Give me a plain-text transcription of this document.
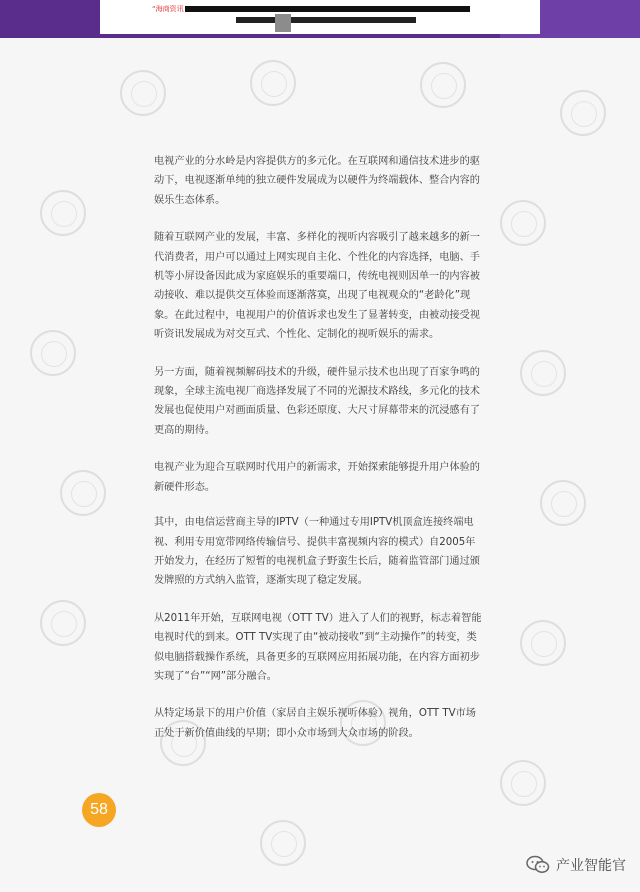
“海商资讯

电视产业的分水岭是内容提供方的多元化。在互联网和通信技术进步的驱动下，电视逐渐单纯的独立硬件发展成为以硬件为终端载体、整合内容的娱乐生态体系。

随着互联网产业的发展，丰富、多样化的视听内容吸引了越来越多的新一代消费者，用户可以通过上网实现自主化、个性化的内容选择，电脑、手机等小屏设备因此成为家庭娱乐的重要端口，传统电视则因单一的内容被动接收、难以提供交互体验而逐渐落寞，出现了电视观众的“老龄化”现象。在此过程中，电视用户的价值诉求也发生了显著转变，由被动接受视听资讯发展成为对交互式、个性化、定制化的视听娱乐的需求。

另一方面，随着视频解码技术的升级，硬件显示技术也出现了百家争鸣的现象，全球主流电视厂商选择发展了不同的光源技术路线，多元化的技术发展也促使用户对画面质量、色彩还原度、大尺寸屏幕带来的沉浸感有了更高的期待。

电视产业为迎合互联网时代用户的新需求，开始探索能够提升用户体验的新硬件形态。

其中，由电信运营商主导的IPTV（一种通过专用IPTV机顶盒连接终端电视、利用专用宽带网络传输信号、提供丰富视频内容的模式）自2005年开始发力，在经历了短暂的电视机盒子野蛮生长后，随着监管部门通过颁发牌照的方式纳入监管，逐渐实现了稳定发展。

从2011年开始，互联网电视（OTT TV）进入了人们的视野，标志着智能电视时代的到来。OTT TV实现了由“被动接收”到“主动操作”的转变，类似电脑搭载操作系统，具备更多的互联网应用拓展功能，在内容方面初步实现了“台”“网”部分融合。

从特定场景下的用户价值（家居自主娱乐视听体验）视角，OTT TV市场正处于新价值曲线的早期；即小众市场到大众市场的阶段。

58
产业智能官
